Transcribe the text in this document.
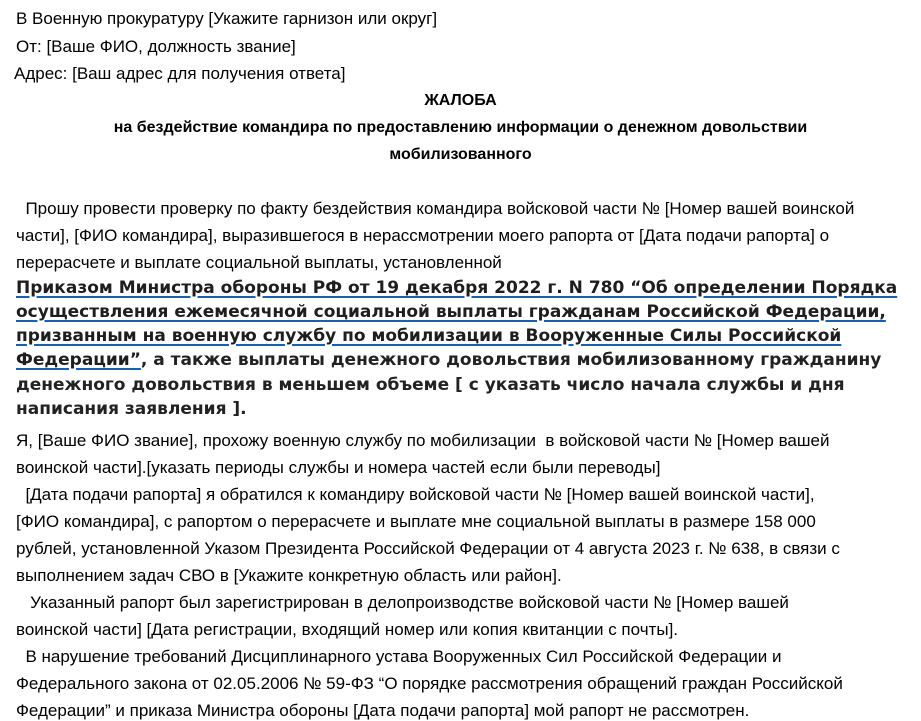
В Военную прокуратуру [Укажите гарнизон или округ]
От: [Ваше ФИО, должность звание]
Адрес: [Ваш адрес для получения ответа]
ЖАЛОБА
на бездействие командира по предоставлению информации о денежном довольствии
мобилизованного
Прошу провести проверку по факту бездействия командира войсковой части № [Номер вашей воинской
части], [ФИО командира], выразившегося в нерассмотрении моего рапорта от [Дата подачи рапорта] о
перерасчете и выплате социальной выплаты, установленной
Приказом Министра обороны РФ от 19 декабря 2022 г. N 780 “Об определении Порядка
осуществления ежемесячной социальной выплаты гражданам Российской Федерации,
призванным на военную службу по мобилизации в Вооруженные Силы Российской
Федерации”, а также выплаты денежного довольствия мобилизованному гражданину
денежного довольствия в меньшем объеме [ с указать число начала службы и дня
написания заявления ].
Я, [Ваше ФИО звание], прохожу военную службу по мобилизации  в войсковой части № [Номер вашей
воинской части].[указать периоды службы и номера частей если были переводы]
[Дата подачи рапорта] я обратился к командиру войсковой части № [Номер вашей воинской части],
[ФИО командира], с рапортом о перерасчете и выплате мне социальной выплаты в размере 158 000
рублей, установленной Указом Президента Российской Федерации от 4 августа 2023 г. № 638, в связи с
выполнением задач СВО в [Укажите конкретную область или район].
Указанный рапорт был зарегистрирован в делопроизводстве войсковой части № [Номер вашей
воинской части] [Дата регистрации, входящий номер или копия квитанции с почты].
В нарушение требований Дисциплинарного устава Вооруженных Сил Российской Федерации и
Федерального закона от 02.05.2006 № 59-ФЗ “О порядке рассмотрения обращений граждан Российской
Федерации” и приказа Министра обороны [Дата подачи рапорта] мой рапорт не рассмотрен.
